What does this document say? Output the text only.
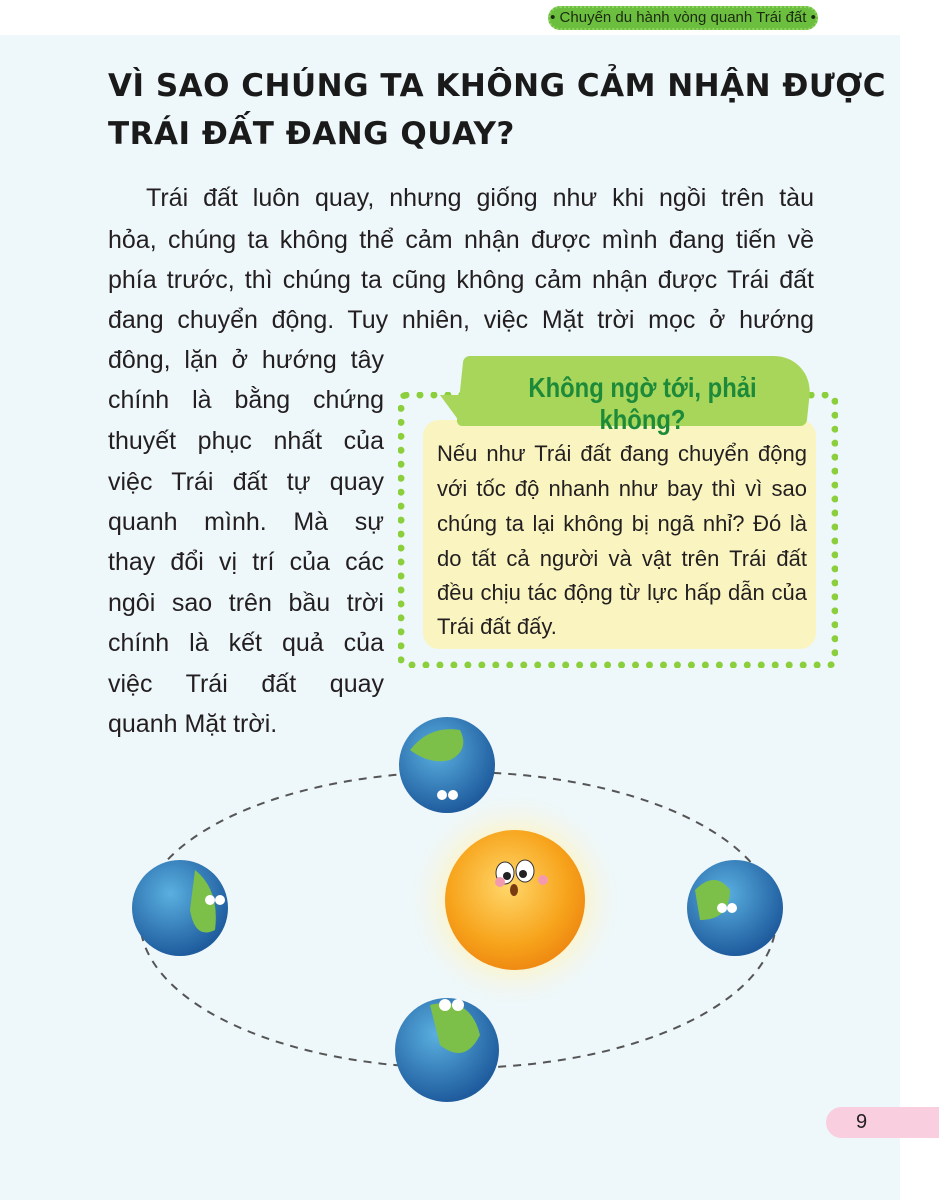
• Chuyến du hành vòng quanh Trái đất •
VÌ SAO CHÚNG TA KHÔNG CẢM NHẬN ĐƯỢC
TRÁI ĐẤT ĐANG QUAY?
Trái đất luôn quay, nhưng giống như khi ngồi trên tàu
hỏa, chúng ta không thể cảm nhận được mình đang tiến về
phía trước, thì chúng ta cũng không cảm nhận được Trái đất
đang chuyển động. Tuy nhiên, việc Mặt trời mọc ở hướng
đông, lặn ở hướng tây
chính là bằng chứng
thuyết phục nhất của
việc Trái đất tự quay
quanh mình. Mà sự
thay đổi vị trí của các
ngôi sao trên bầu trời
chính là kết quả của
việc Trái đất quay
quanh Mặt trời.
Không ngờ tới, phải không?
Nếu như Trái đất đang chuyển động
với tốc độ nhanh như bay thì vì sao
chúng ta lại không bị ngã nhỉ? Đó là
do tất cả người và vật trên Trái đất
đều chịu tác động từ lực hấp dẫn của
Trái đất đấy.
9
